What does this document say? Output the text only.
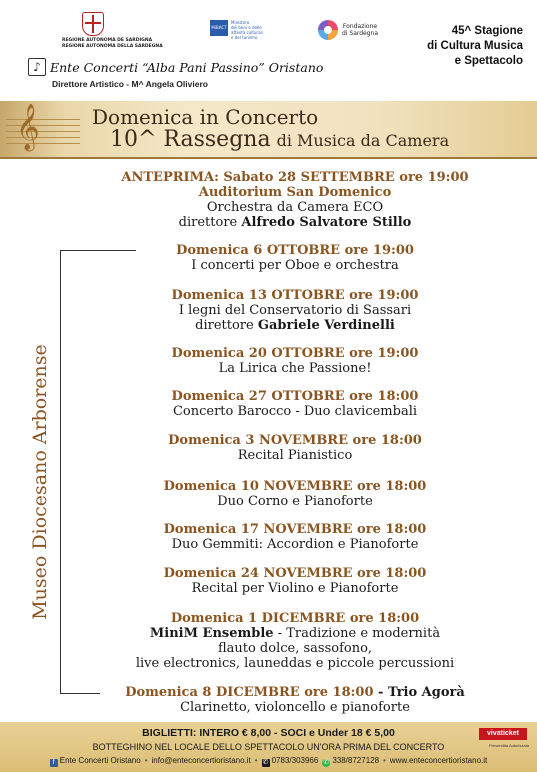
REGIONE AUTONOMA DE SARDIGNA
REGIONE AUTONOMA DELLA SARDEGNA
MiBACT
Ministero
dei beni e delle
attività culturali
e del turismo
Fondazione
di Sardegna	45^ Stagione
di Cultura Musica
e Spettacolo
♪ Ente Concerti “Alba Pani Passino” Oristano
Direttore Artistico - M^ Angela Oliviero
𝄞	Domenica in Concerto
10^ Rassegna di Musica da Camera
Museo Diocesano Arborense
ANTEPRIMA: Sabato 28 SETTEMBRE ore 19:00
Auditorium San Domenico
Orchestra da Camera ECO
direttore Alfredo Salvatore Stillo
Domenica 6 OTTOBRE ore 19:00
I concerti per Oboe e orchestra
Domenica 13 OTTOBRE ore 19:00
I legni del Conservatorio di Sassari
direttore Gabriele Verdinelli
Domenica 20 OTTOBRE ore 19:00
La Lirica che Passione!
Domenica 27 OTTOBRE ore 18:00
Concerto Barocco - Duo clavicembali
Domenica 3 NOVEMBRE ore 18:00
Recital Pianistico
Domenica 10 NOVEMBRE ore 18:00
Duo Corno e Pianoforte
Domenica 17 NOVEMBRE ore 18:00
Duo Gemmiti: Accordion e Pianoforte
Domenica 24 NOVEMBRE ore 18:00
Recital per Violino e Pianoforte
Domenica 1 DICEMBRE ore 18:00
MiniM Ensemble - Tradizione e modernità
flauto dolce, sassofono,
live electronics, launeddas e piccole percussioni
Domenica 8 DICEMBRE ore 18:00 - Trio Agorà
Clarinetto, violoncello e pianoforte
BIGLIETTI: INTERO € 8,00 - SOCI e Under 18 € 5,00
BOTTEGHINO NEL LOCALE DELLO SPETTACOLO UN'ORA PRIMA DEL CONCERTO
vivaticket
Prevendita Autorizzata
f Ente Concerti Oristano • info@enteconcertioristano.it • ✆ 0783/303966 ✆ 338/8727128 • www.enteconcertioristano.it
